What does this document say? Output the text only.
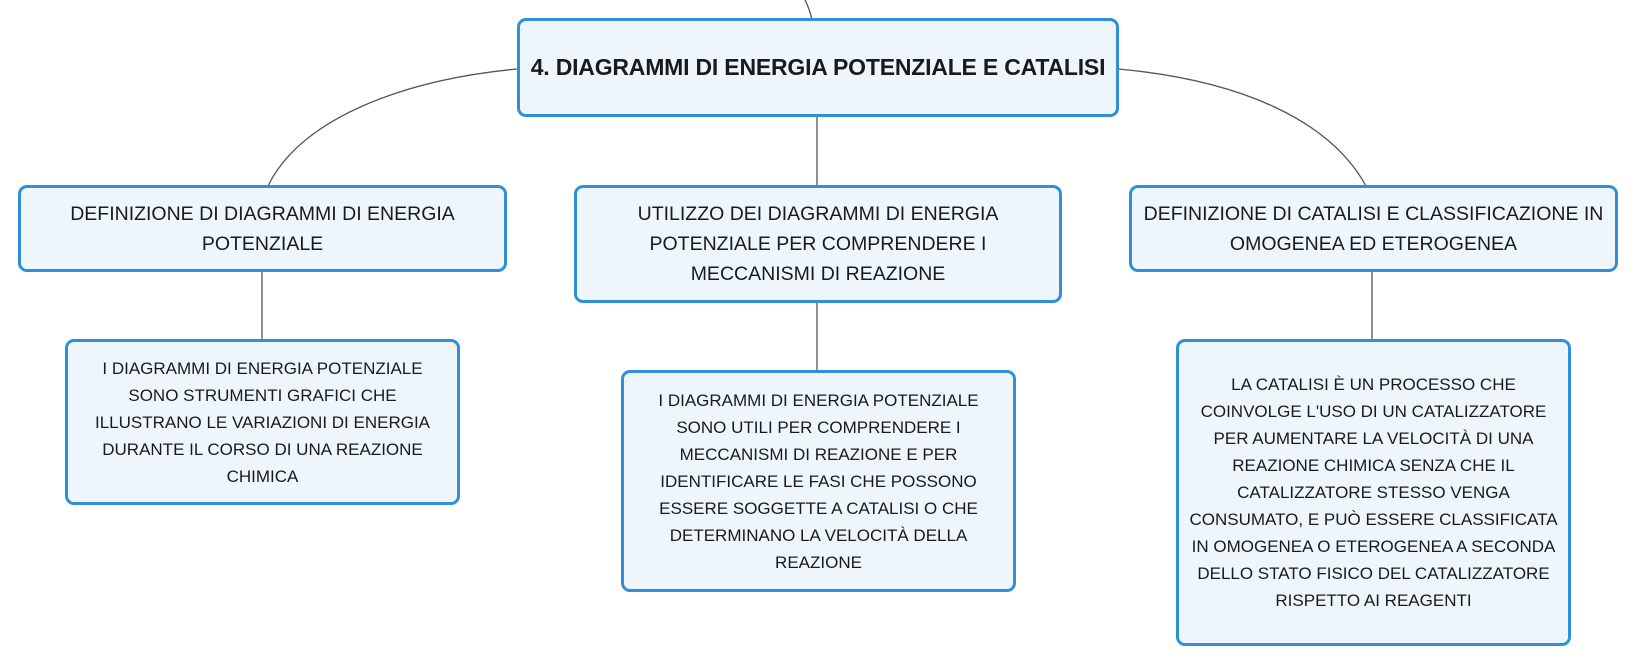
4. DIAGRAMMI DI ENERGIA POTENZIALE E CATALISI
DEFINIZIONE DI DIAGRAMMI DI ENERGIA POTENZIALE
UTILIZZO DEI DIAGRAMMI DI ENERGIA POTENZIALE PER COMPRENDERE I MECCANISMI DI REAZIONE
DEFINIZIONE DI CATALISI E CLASSIFICAZIONE IN OMOGENEA ED ETEROGENEA
I DIAGRAMMI DI ENERGIA POTENZIALE SONO STRUMENTI GRAFICI CHE ILLUSTRANO LE VARIAZIONI DI ENERGIA DURANTE IL CORSO DI UNA REAZIONE CHIMICA
I DIAGRAMMI DI ENERGIA POTENZIALE SONO UTILI PER COMPRENDERE I MECCANISMI DI REAZIONE E PER IDENTIFICARE LE FASI CHE POSSONO ESSERE SOGGETTE A CATALISI O CHE DETERMINANO LA VELOCITÀ DELLA REAZIONE
LA CATALISI È UN PROCESSO CHE COINVOLGE L'USO DI UN CATALIZZATORE PER AUMENTARE LA VELOCITÀ DI UNA REAZIONE CHIMICA SENZA CHE IL CATALIZZATORE STESSO VENGA CONSUMATO, E PUÒ ESSERE CLASSIFICATA IN OMOGENEA O ETEROGENEA A SECONDA DELLO STATO FISICO DEL CATALIZZATORE RISPETTO AI REAGENTI
